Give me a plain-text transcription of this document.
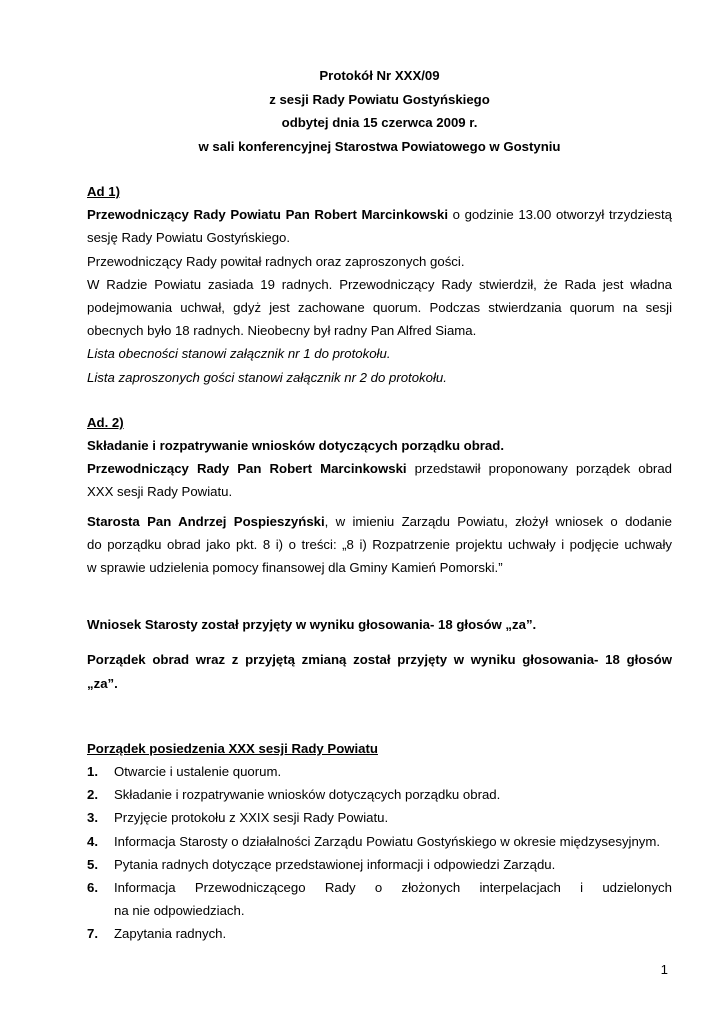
Protokół Nr XXX/09
z sesji Rady Powiatu Gostyńskiego
odbytej dnia 15 czerwca 2009 r.
w sali konferencyjnej Starostwa Powiatowego w Gostyniu

Ad 1)

Przewodniczący Rady Powiatu Pan Robert Marcinkowski o godzinie 13.00 otworzył trzydziestą

sesję Rady Powiatu Gostyńskiego.

Przewodniczący Rady powitał radnych oraz zaproszonych gości.

W Radzie Powiatu zasiada 19 radnych. Przewodniczący Rady stwierdził, że Rada jest władna

podejmowania uchwał, gdyż jest zachowane quorum. Podczas stwierdzania quorum na sesji

obecnych było 18 radnych. Nieobecny był radny Pan Alfred Siama.

Lista obecności stanowi załącznik nr 1 do protokołu.

Lista zaproszonych gości stanowi załącznik nr 2 do protokołu.

Ad. 2)

Składanie i rozpatrywanie wniosków dotyczących porządku obrad.

Przewodniczący Rady Pan Robert Marcinkowski przedstawił proponowany porządek obrad

XXX sesji Rady Powiatu.

Starosta Pan Andrzej Pospieszyński, w imieniu Zarządu Powiatu, złożył wniosek o dodanie

do porządku obrad jako pkt. 8 i) o treści: „8 i) Rozpatrzenie projektu uchwały i podjęcie uchwały

w sprawie udzielenia pomocy finansowej dla Gminy Kamień Pomorski.”

Wniosek Starosty został przyjęty w wyniku głosowania- 18 głosów „za”.

Porządek obrad wraz z przyjętą zmianą został przyjęty w wyniku głosowania- 18 głosów

„za”.

Porządek posiedzenia XXX sesji Rady Powiatu

1.	Otwarcie i ustalenie quorum.
2.	Składanie i rozpatrywanie wniosków dotyczących porządku obrad.
3.	Przyjęcie protokołu z XXIX sesji Rady Powiatu.
4.	Informacja Starosty o działalności Zarządu Powiatu Gostyńskiego w okresie międzysesyjnym.
5.	Pytania radnych dotyczące przedstawionej informacji i odpowiedzi Zarządu.
6.	Informacja Przewodniczącego Rady o złożonych interpelacjach i udzielonych
na nie odpowiedziach.
7.	Zapytania radnych.
1
